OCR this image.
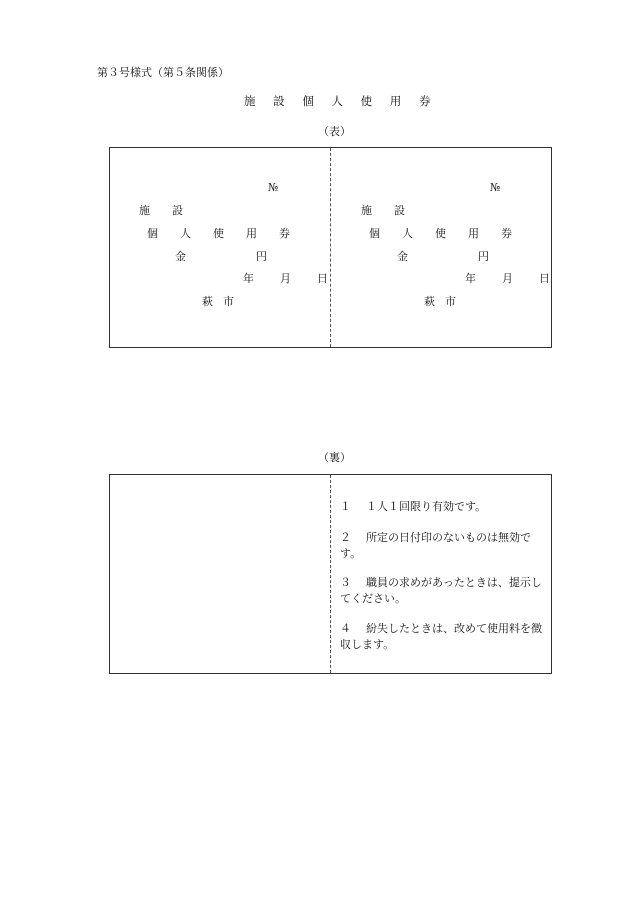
第３号様式（第５条関係）
施 設 個 人 使 用 券
（表）
№
施 設
個 人 使 用 券
金	円
年 月 日
萩 市
№
施 設
個 人 使 用 券
金	円
年 月 日
萩 市
（裏）
１ １人１回限り有効です。
２ 所定の日付印のないものは無効です。
３ 職員の求めがあったときは、提示してください。
４ 紛失したときは、改めて使用料を徴収します。
